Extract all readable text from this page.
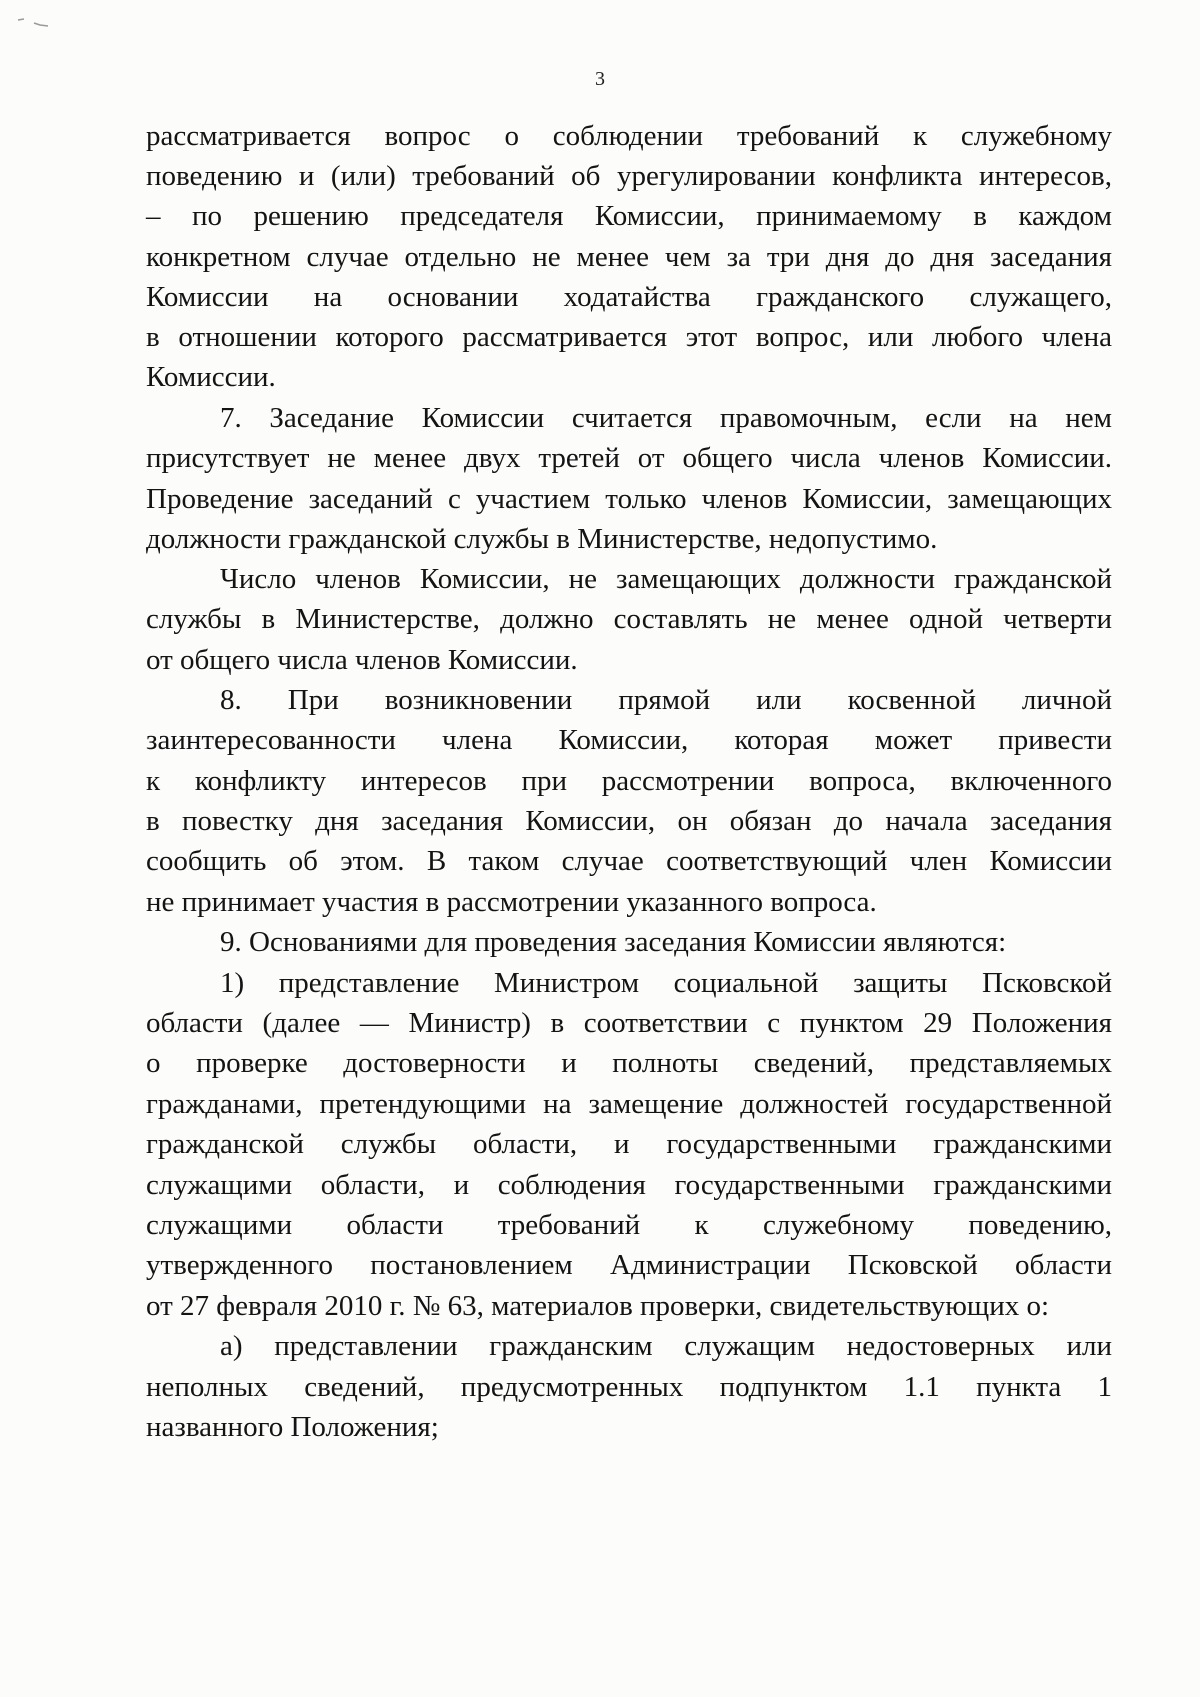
3
рассматривается вопрос о соблюдении требований к служебному
поведению и (или) требований об урегулировании конфликта интересов,
– по решению председателя Комиссии, принимаемому в каждом
конкретном случае отдельно не менее чем за три дня до дня заседания
Комиссии на основании ходатайства гражданского служащего,
в отношении которого рассматривается этот вопрос, или любого члена
Комиссии.
7. Заседание Комиссии считается правомочным, если на нем
присутствует не менее двух третей от общего числа членов Комиссии.
Проведение заседаний с участием только членов Комиссии, замещающих
должности гражданской службы в Министерстве, недопустимо.
Число членов Комиссии, не замещающих должности гражданской
службы в Министерстве, должно составлять не менее одной четверти
от общего числа членов Комиссии.
8. При возникновении прямой или косвенной личной
заинтересованности члена Комиссии, которая может привести
к конфликту интересов при рассмотрении вопроса, включенного
в повестку дня заседания Комиссии, он обязан до начала заседания
сообщить об этом. В таком случае соответствующий член Комиссии
не принимает участия в рассмотрении указанного вопроса.
9. Основаниями для проведения заседания Комиссии являются:
1) представление Министром социальной защиты Псковской
области (далее — Министр) в соответствии с пунктом 29 Положения
о проверке достоверности и полноты сведений, представляемых
гражданами, претендующими на замещение должностей государственной
гражданской службы области, и государственными гражданскими
служащими области, и соблюдения государственными гражданскими
служащими области требований к служебному поведению,
утвержденного постановлением Администрации Псковской области
от 27 февраля 2010 г. № 63, материалов проверки, свидетельствующих о:
а) представлении гражданским служащим недостоверных или
неполных сведений, предусмотренных подпунктом 1.1 пункта 1
названного Положения;
